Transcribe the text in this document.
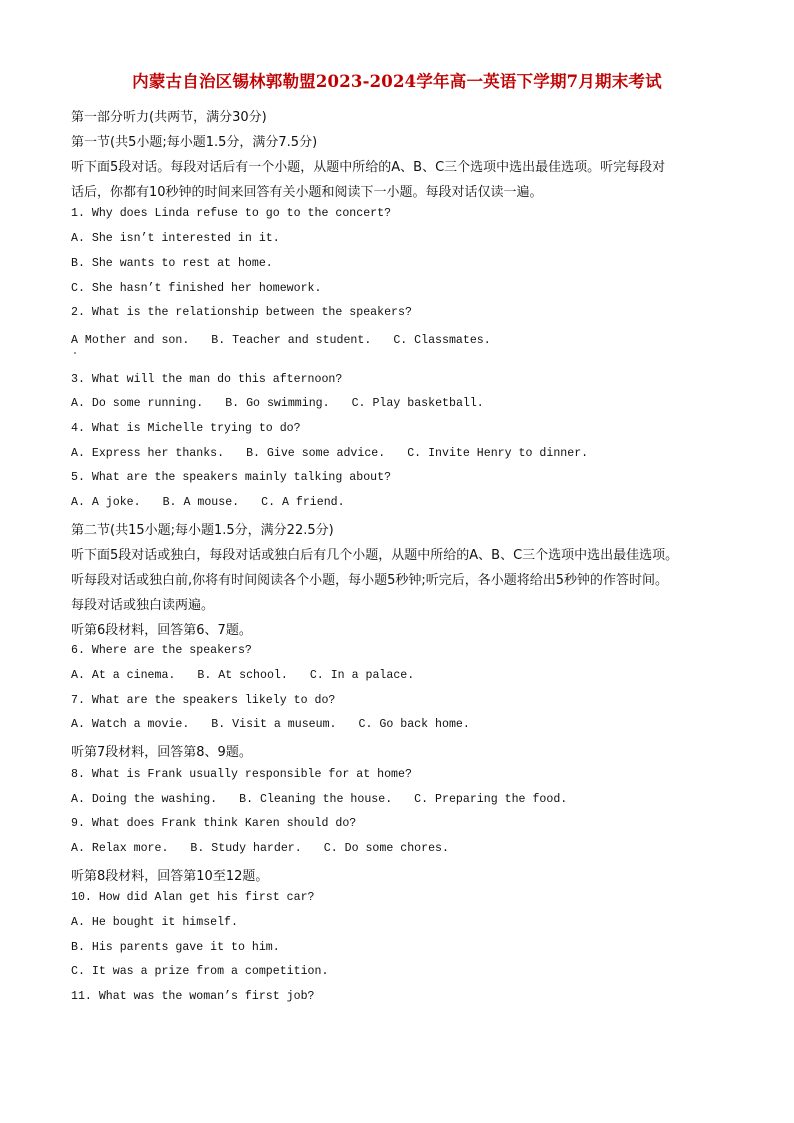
内蒙古自治区锡林郭勒盟2023-2024学年高一英语下学期7月期末考试
第一部分听力(共两节，满分30分)
第一节(共5小题;每小题1.5分，满分7.5分)
听下面5段对话。每段对话后有一个小题，从题中所给的A、B、C三个选项中选出最佳选项。听完每段对
话后，你都有10秒钟的时间来回答有关小题和阅读下一小题。每段对话仅读一遍。
1. Why does Linda refuse to go to the concert?
A. She isn’t interested in it.
B. She wants to rest at home.
C. She hasn’t finished her homework.
2. What is the relationship between the speakers?
A Mother and son. B. Teacher and student. C. Classmates.
3. What will the man do this afternoon?
A. Do some running. B. Go swimming. C. Play basketball.
4. What is Michelle trying to do?
A. Express her thanks. B. Give some advice. C. Invite Henry to dinner.
5. What are the speakers mainly talking about?
A. A joke. B. A mouse. C. A friend.
第二节(共15小题;每小题1.5分，满分22.5分)
听下面5段对话或独白，每段对话或独白后有几个小题，从题中所给的A、B、C三个选项中选出最佳选项。
听每段对话或独白前,你将有时间阅读各个小题，每小题5秒钟;听完后，各小题将给出5秒钟的作答时间。
每段对话或独白读两遍。
听第6段材料，回答第6、7题。
6. Where are the speakers?
A. At a cinema. B. At school. C. In a palace.
7. What are the speakers likely to do?
A. Watch a movie. B. Visit a museum. C. Go back home.
听第7段材料，回答第8、9题。
8. What is Frank usually responsible for at home?
A. Doing the washing. B. Cleaning the house. C. Preparing the food.
9. What does Frank think Karen should do?
A. Relax more. B. Study harder. C. Do some chores.
听第8段材料，回答第10至12题。
10. How did Alan get his first car?
A. He bought it himself.
B. His parents gave it to him.
C. It was a prize from a competition.
11. What was the woman’s first job?
